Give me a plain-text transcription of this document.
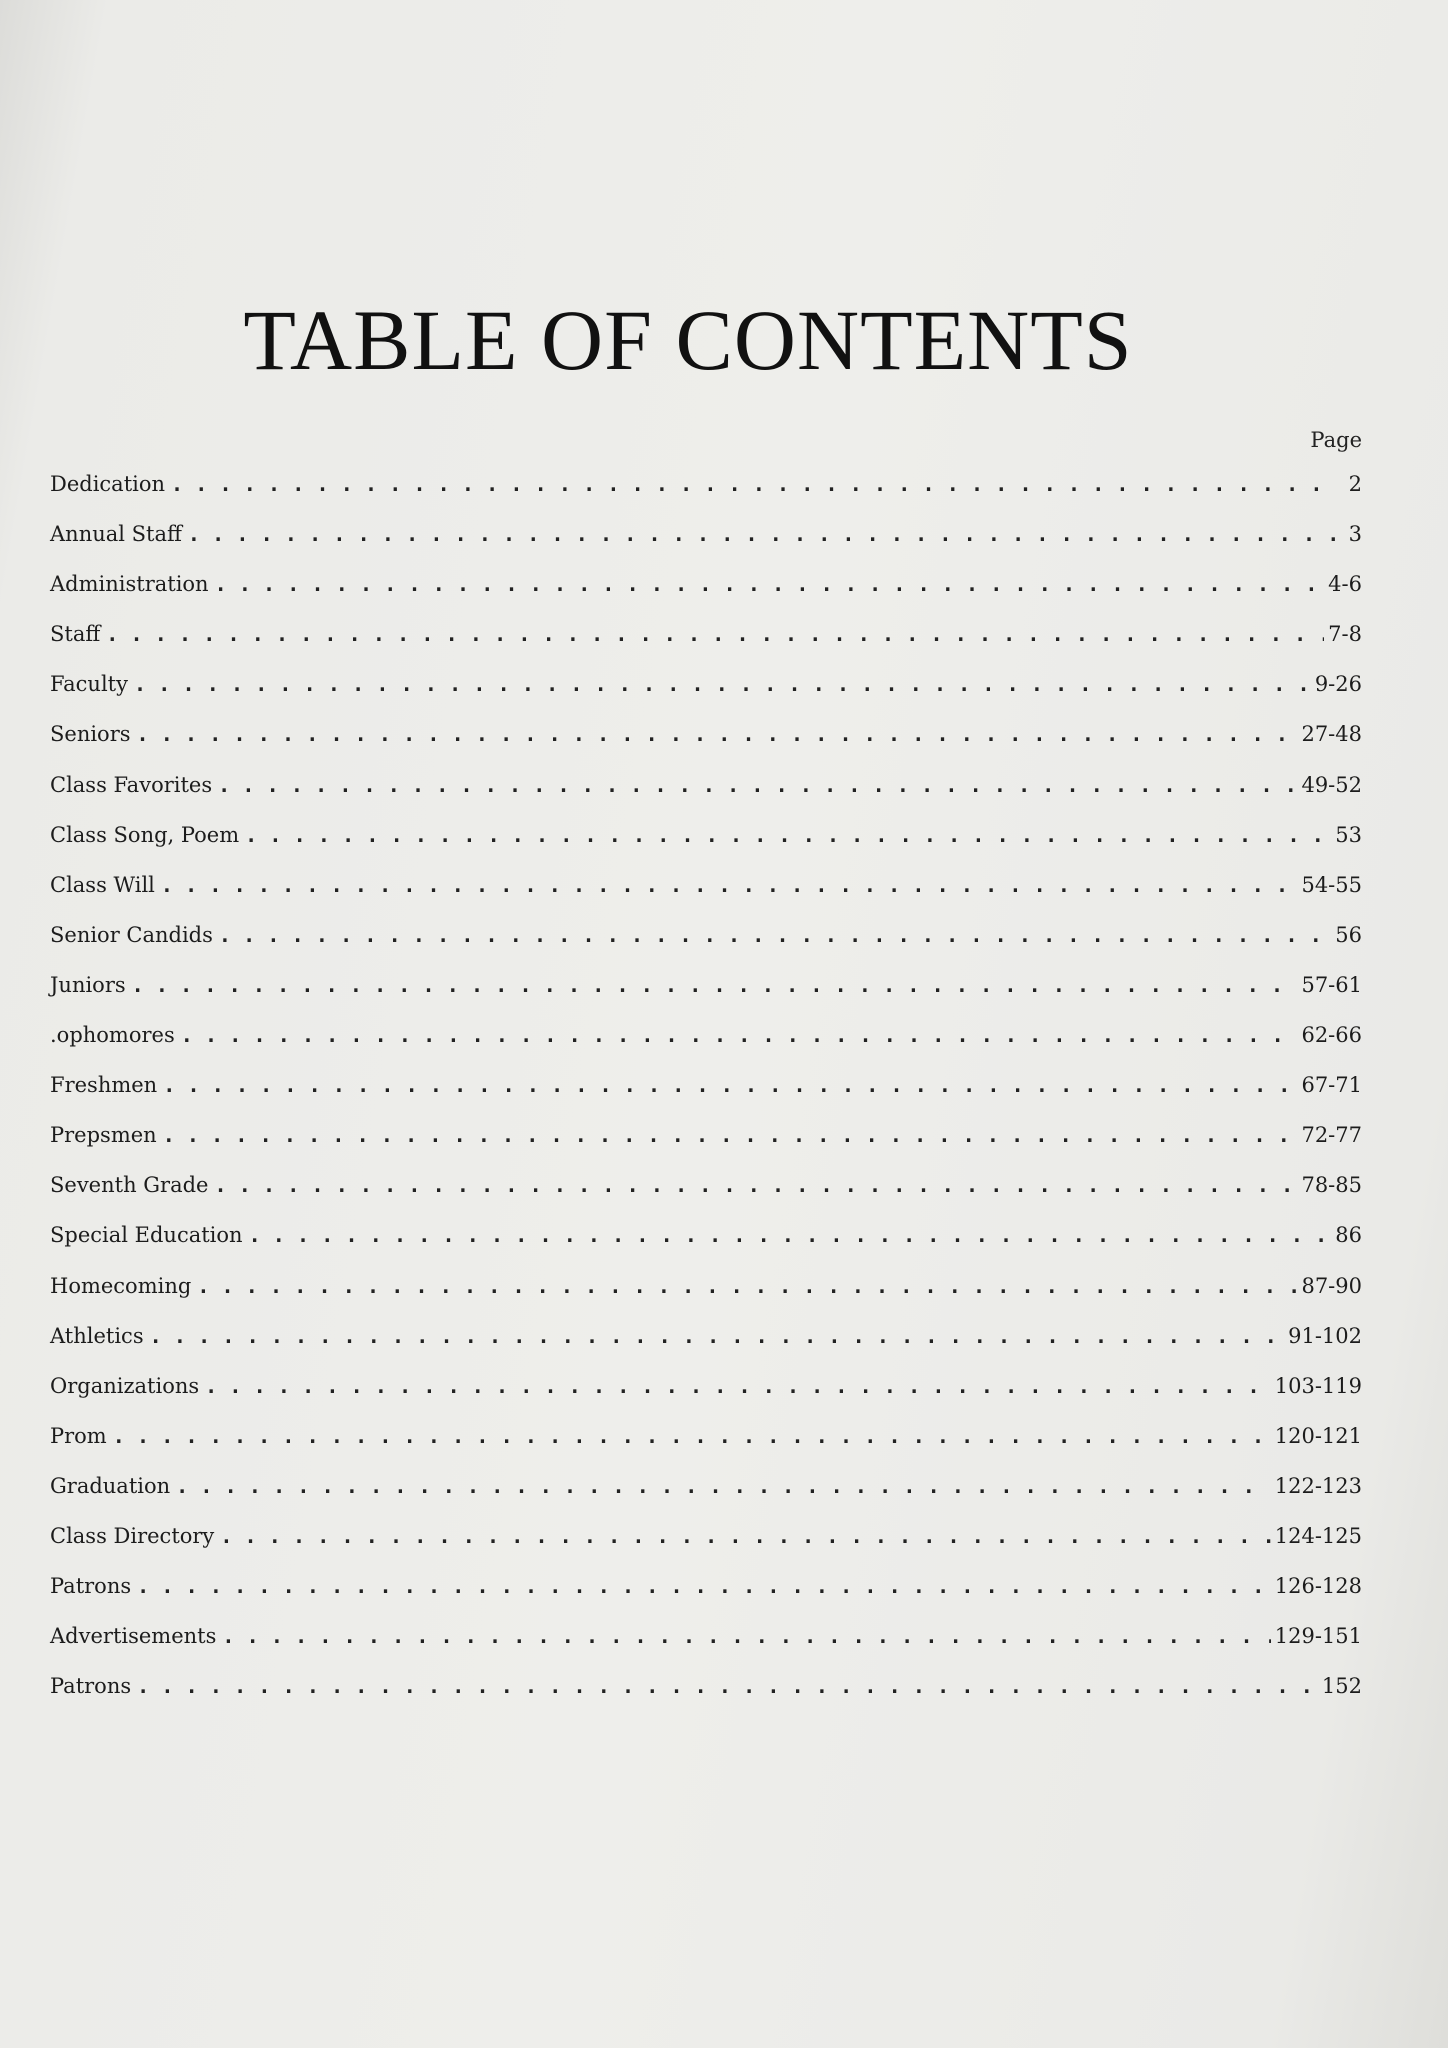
TABLE OF CONTENTS
Page
Dedication .....	2
Annual Staff .....	3
Administration .....	4-6
Staff .....	7-8
Faculty .....	9-26
Seniors .....	27-48
Class Favorites .....	49-52
Class Song, Poem .....	53
Class Will .....	54-55
Senior Candids .....	56
Juniors .....	57-61
.ophomores .....	62-66
Freshmen .....	67-71
Prepsmen .....	72-77
Seventh Grade .....	78-85
Special Education .....	86
Homecoming .....	87-90
Athletics .....	91-102
Organizations .....	103-119
Prom .....	120-121
Graduation .....	122-123
Class Directory .....	124-125
Patrons .....	126-128
Advertisements .....	129-151
Patrons .....	152
